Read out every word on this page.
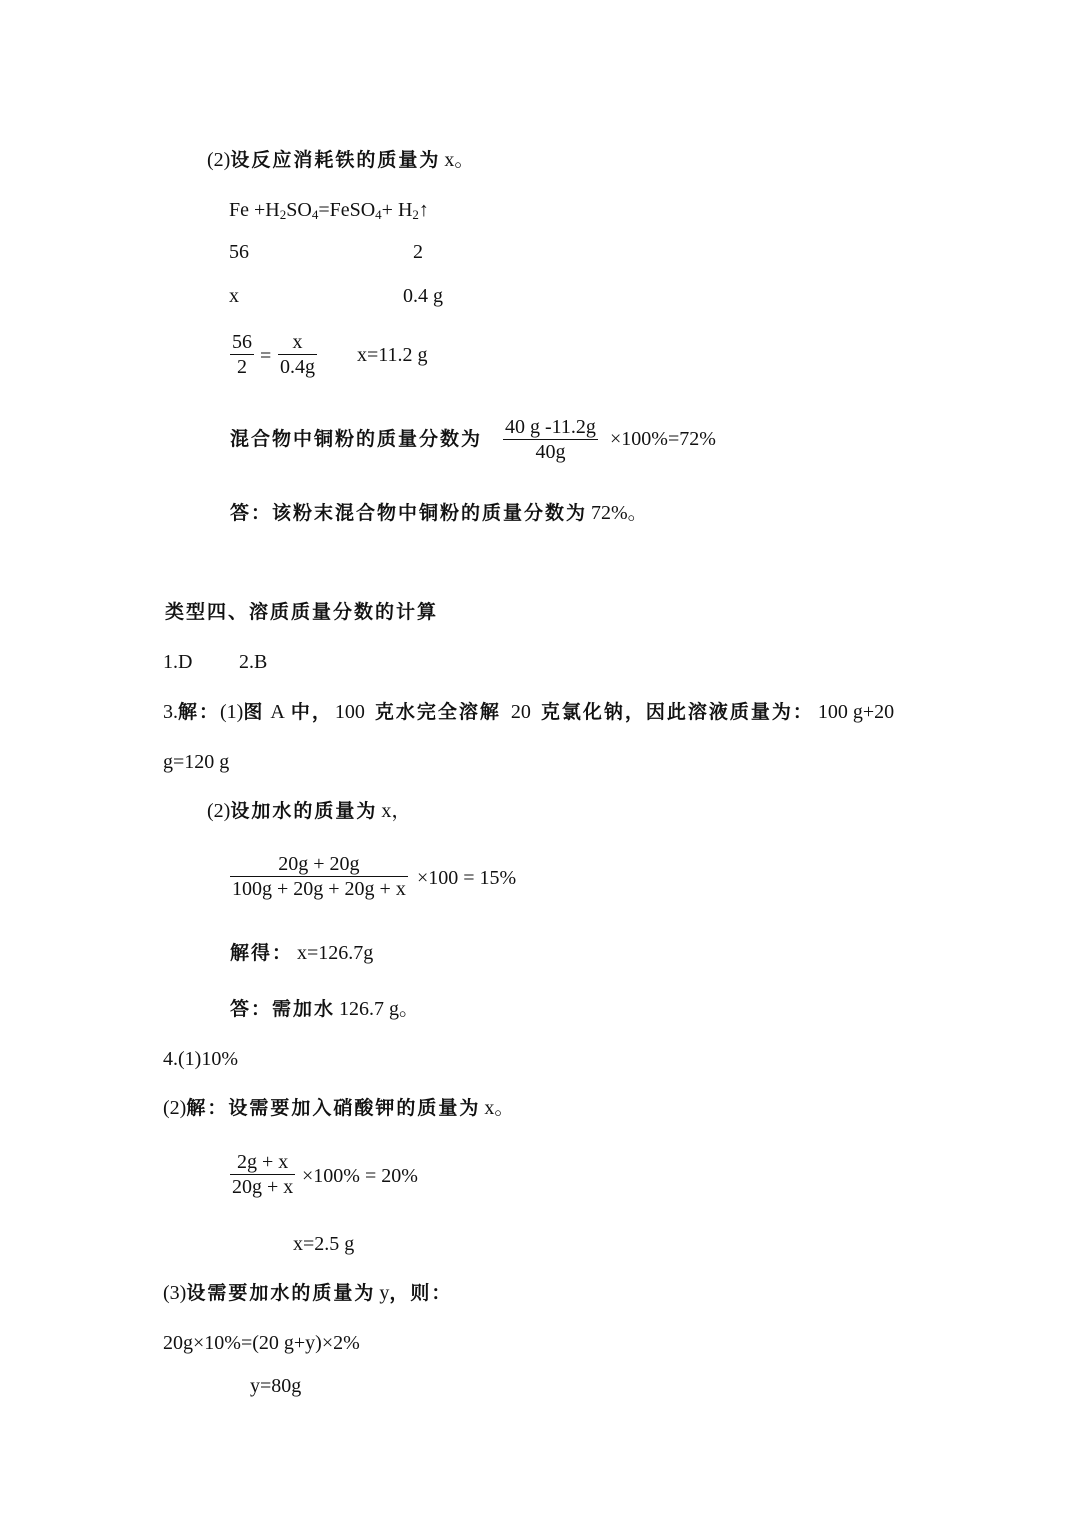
(2)设反应消耗铁的质量为 x。
$Fe +H_2SO_4=FeSO_4+$ $H_2↑$
56	2
x	0.4 g
56
2
=
x
0.4g
x=11.2 g
混合物中铜粉的质量分数为
40 g -11.2g
40g
×100%=72%
答：该粉末混合物中铜粉的质量分数为 72%。
类型四、溶质质量分数的计算
1.D 2.B
3.解：(1)图 A 中， 100 克水完全溶解 20 克氯化钠，因此溶液质量为： 100 g+20
g=120 g
(2)设加水的质量为 x，
20g + 20g
100g + 20g + 20g + x
×100 = 15%
解得： x=126.7g
答：需加水 126.7 g。
4.(1)10%
(2)解：设需要加入硝酸钾的质量为 x。
2g + x
20g + x
×100% = 20%
x=2.5 g
(3)设需要加水的质量为 y，则：
20g×10%=(20 g+y)×2%
y=80g
